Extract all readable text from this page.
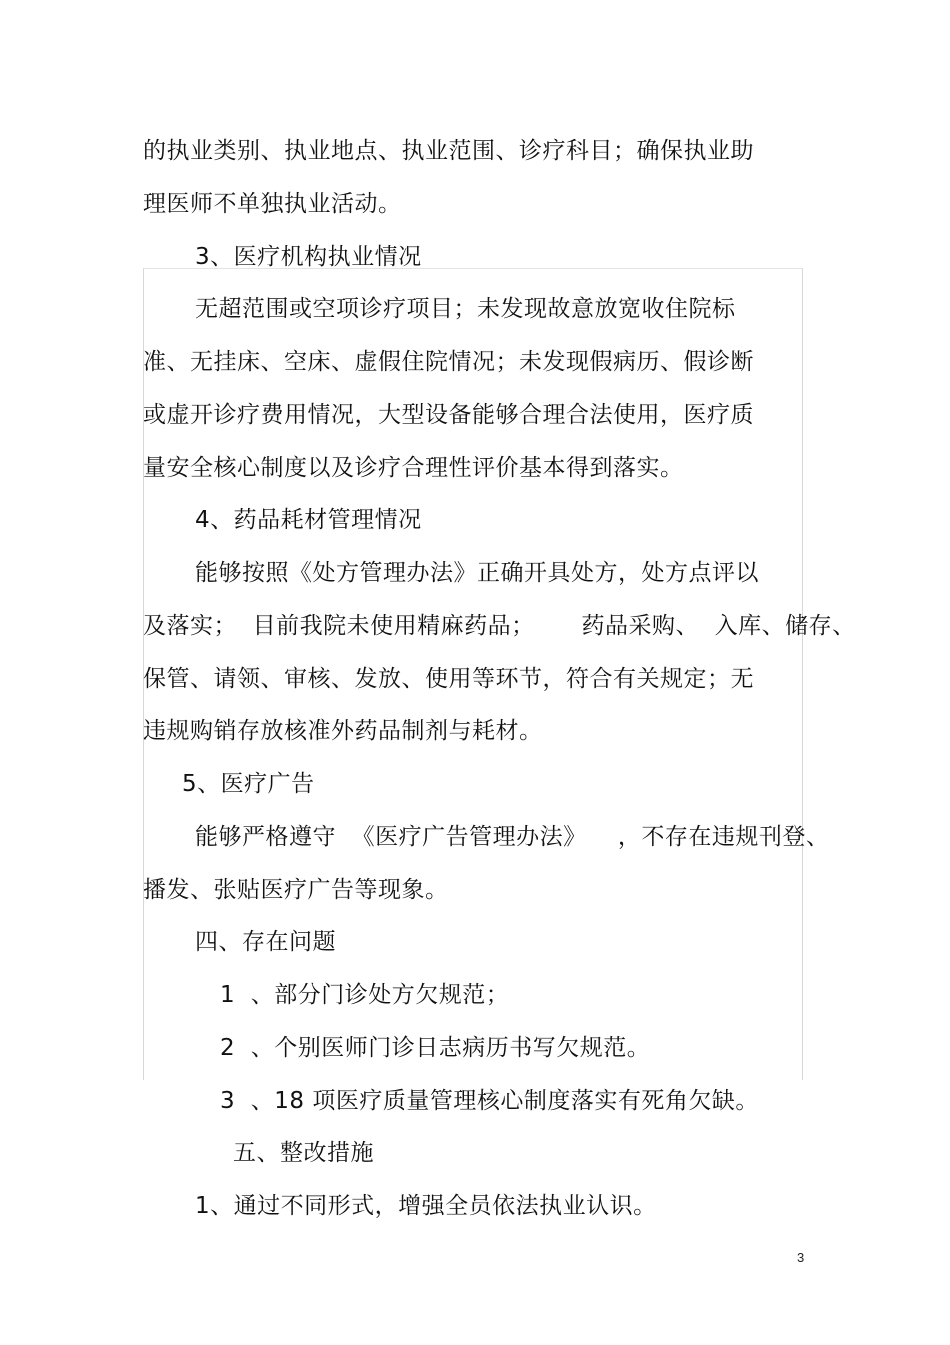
的执业类别、执业地点、执业范围、诊疗科目；确保执业助
理医师不单独执业活动。
3、医疗机构执业情况
无超范围或空项诊疗项目；未发现故意放宽收住院标
准、无挂床、空床、虚假住院情况；未发现假病历、假诊断
或虚开诊疗费用情况，大型设备能够合理合法使用，医疗质
量安全核心制度以及诊疗合理性评价基本得到落实。
4、药品耗材管理情况
能够按照《处方管理办法》正确开具处方，处方点评以
及落实；  目前我院未使用精麻药品；      药品采购、  入库、储存、
保管、请领、审核、发放、使用等环节，符合有关规定；无
违规购销存放核准外药品制剂与耗材。
5、医疗广告
能够严格遵守  《医疗广告管理办法》    ，不存在违规刊登、
播发、张贴医疗广告等现象。
四、存在问题
1  、部分门诊处方欠规范；
2  、个别医师门诊日志病历书写欠规范。
3  、18 项医疗质量管理核心制度落实有死角欠缺。
五、整改措施
1、通过不同形式，增强全员依法执业认识。
3
